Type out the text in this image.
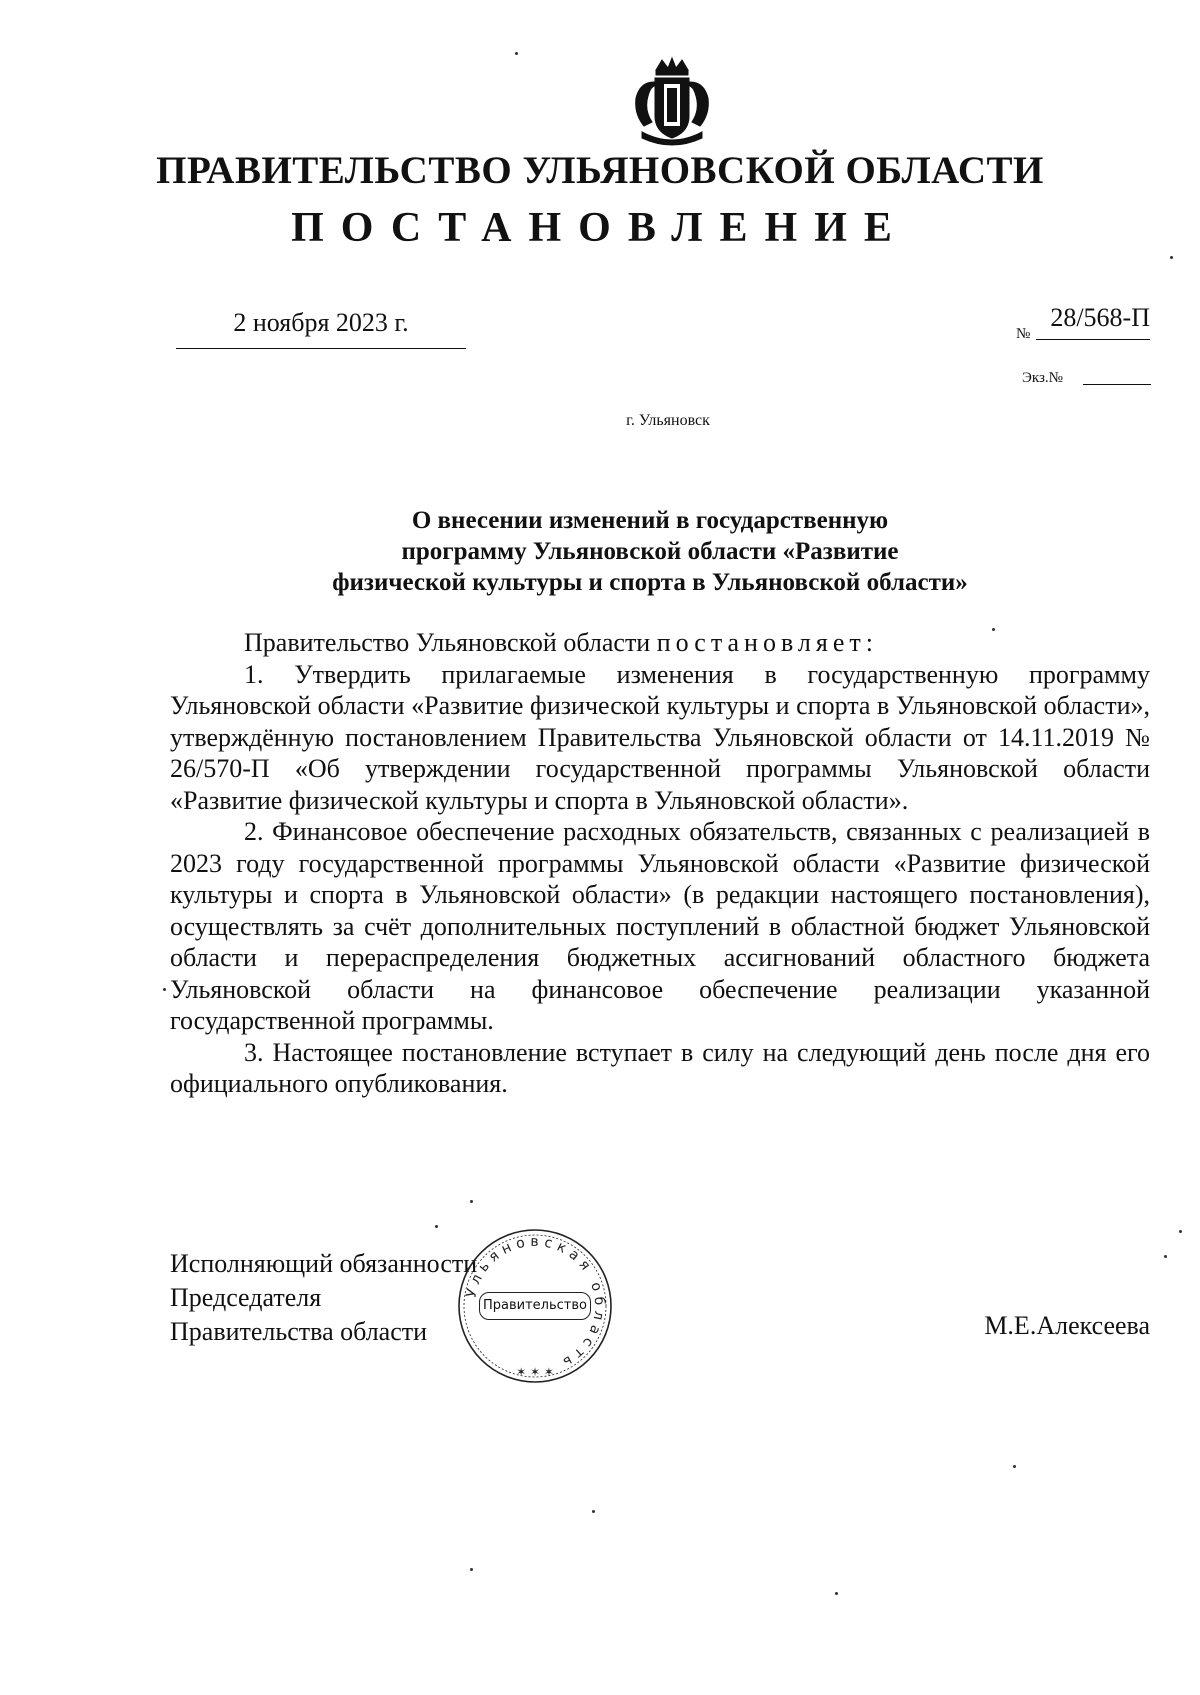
ПРАВИТЕЛЬСТВО УЛЬЯНОВСКОЙ ОБЛАСТИ
ПОСТАНОВЛЕНИЕ
2 ноября 2023 г.	№
28/568-П
Экз.№
г. Ульяновск
О внесении изменений в государственную
программу Ульяновской области «Развитие
физической культуры и спорта в Ульяновской области»

Правительство Ульяновской области постановляет:

1. Утвердить прилагаемые изменения в государственную программу Ульяновской области «Развитие физической культуры и спорта в Ульяновской области», утверждённую постановлением Правительства Ульяновской области от 14.11.2019 № 26/570-П «Об утверждении государственной программы Ульяновской области «Развитие физической культуры и спорта в Ульяновской области».

2. Финансовое обеспечение расходных обязательств, связанных с реализацией в 2023 году государственной программы Ульяновской области «Развитие физической культуры и спорта в Ульяновской области» (в редакции настоящего постановления), осуществлять за счёт дополнительных поступлений в областной бюджет Ульяновской области и перераспределения бюджетных ассигнований областного бюджета Ульяновской области на финансовое обеспечение реализации указанной государственной программы.

3. Настоящее постановление вступает в силу на следующий день после дня его официального опубликования.

Исполняющий обязанности
Председателя
Правительства области
Ульяновская область
✶ ✶ ✶
Правительство
М.Е.Алексеева
